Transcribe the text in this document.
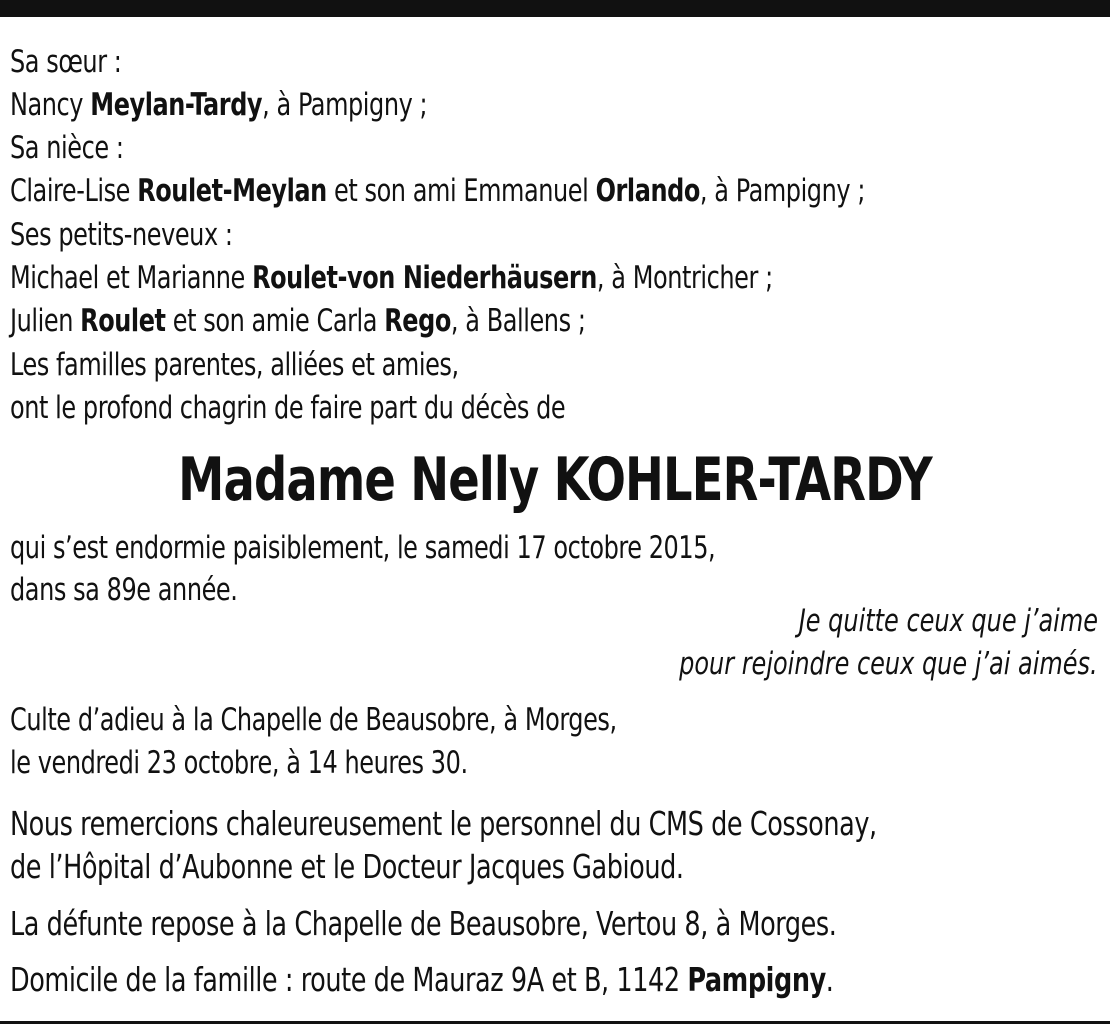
Sa sœur :

Nancy Meylan-Tardy, à Pampigny ;

Sa nièce :

Claire-Lise Roulet-Meylan et son ami Emmanuel Orlando, à Pampigny ;

Ses petits-neveux :

Michael et Marianne Roulet-von Niederhäusern, à Montricher ;

Julien Roulet et son amie Carla Rego, à Ballens ;

Les familles parentes, alliées et amies,

ont le profond chagrin de faire part du décès de

Madame Nelly KOHLER-TARDY

qui s’est endormie paisiblement, le samedi 17 octobre 2015,

dans sa 89e année.

Je quitte ceux que j’aime

pour rejoindre ceux que j’ai aimés.

Culte d’adieu à la Chapelle de Beausobre, à Morges,

le vendredi 23 octobre, à 14 heures 30.

Nous remercions chaleureusement le personnel du CMS de Cossonay,

de l’Hôpital d’Aubonne et le Docteur Jacques Gabioud.

La défunte repose à la Chapelle de Beausobre, Vertou 8, à Morges.

Domicile de la famille : route de Mauraz 9A et B, 1142 Pampigny.
